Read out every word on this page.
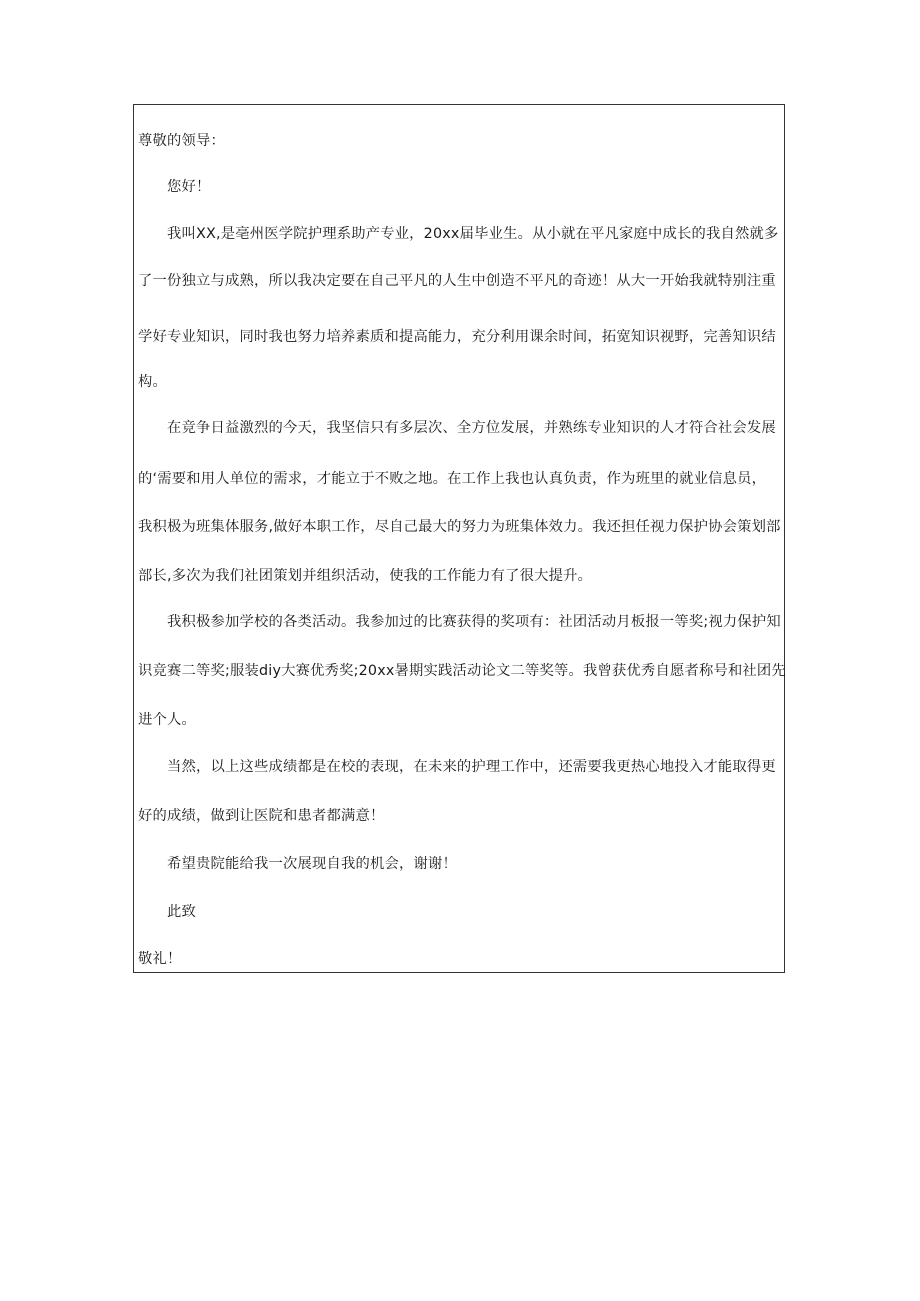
尊敬的领导：
您好！
我叫XX,是亳州医学院护理系助产专业，20xx届毕业生。从小就在平凡家庭中成长的我自然就多
了一份独立与成熟，所以我决定要在自己平凡的人生中创造不平凡的奇迹！从大一开始我就特别注重
学好专业知识，同时我也努力培养素质和提高能力，充分利用课余时间，拓宽知识视野，完善知识结
构。
在竞争日益激烈的今天，我坚信只有多层次、全方位发展，并熟练专业知识的人才符合社会发展
的‘需要和用人单位的需求，才能立于不败之地。在工作上我也认真负责，作为班里的就业信息员，
我积极为班集体服务,做好本职工作，尽自己最大的努力为班集体效力。我还担任视力保护协会策划部
部长,多次为我们社团策划并组织活动，使我的工作能力有了很大提升。
我积极参加学校的各类活动。我参加过的比赛获得的奖项有：社团活动月板报一等奖;视力保护知
识竞赛二等奖;服装diy大赛优秀奖;20xx暑期实践活动论文二等奖等。我曾获优秀自愿者称号和社团先
进个人。
当然，以上这些成绩都是在校的表现，在未来的护理工作中，还需要我更热心地投入才能取得更
好的成绩，做到让医院和患者都满意！
希望贵院能给我一次展现自我的机会，谢谢！
此致
敬礼！
